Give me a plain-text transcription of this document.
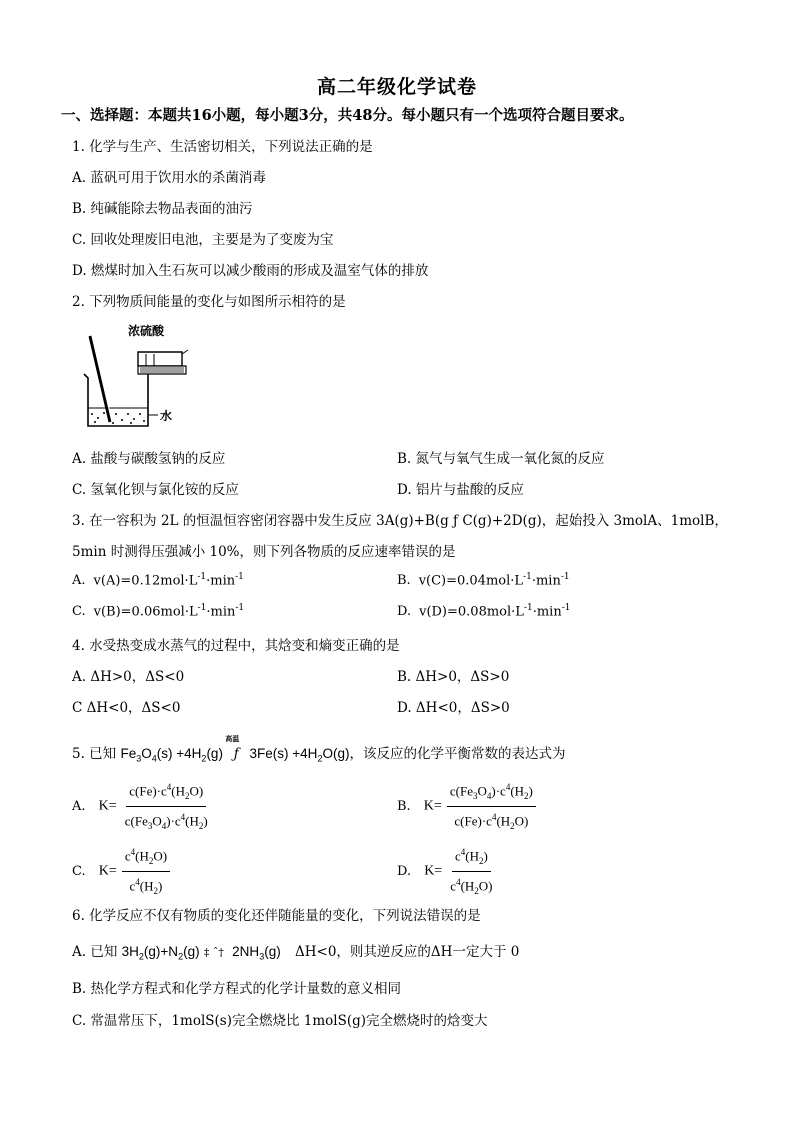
高二年级化学试卷
一、选择题：本题共16小题，每小题3分，共48分。每小题只有一个选项符合题目要求。
1. 化学与生产、生活密切相关，下列说法正确的是
A. 蓝矾可用于饮用水的杀菌消毒
B. 纯碱能除去物品表面的油污
C. 回收处理废旧电池，主要是为了变废为宝
D. 燃煤时加入生石灰可以减少酸雨的形成及温室气体的排放
2. 下列物质间能量的变化与如图所示相符的是
浓硫酸
水
A. 盐酸与碳酸氢钠的反应	B. 氮气与氧气生成一氧化氮的反应
C. 氢氧化钡与氯化铵的反应	D. 铝片与盐酸的反应
3. 在一容积为 2L 的恒温恒容密闭容器中发生反应 3A(g)+B(g ƒ C(g)+2D(g)，起始投入 3molA、1molB，
5min 时测得压强减小 10%，则下列各物质的反应速率错误的是
A. $v(A)=0.12mol\cdot L^{-1}\cdot\min^{-1}$	B. $v(C)=0.04mol\cdot L^{-1}\cdot\min^{-1}$
C. $v(B)=0.06mol\cdot L^{-1}\cdot\min^{-1}$	D. $v(D)=0.08mol\cdot L^{-1}\cdot\min^{-1}$
4. 水受热变成水蒸气的过程中，其焓变和熵变正确的是
A. ΔH>0，ΔS<0	B. ΔH>0，ΔS>0
C ΔH<0，ΔS<0	D. ΔH<0，ΔS>0
5. 已知 $Fe_3O_4(s) +4H_2(g)$
高温
ƒ $3Fe(s) +4H_2O(g)$，该反应的化学平衡常数的表达式为
A. $K= \frac{c(Fe)\cdot c^4(H_2O)}{c(Fe_3O_4)\cdot c^4(H_2)}$	B. $K= \frac{c(Fe_3O_4)\cdot c^4(H_2)}{c(Fe)\cdot c^4(H_2O)}$
C. $K= \frac{c^4(H_2O)}{c^4(H_2)}$	D. $K= \frac{c^4(H_2)}{c^4(H_2O)}$
6. 化学反应不仅有物质的变化还伴随能量的变化，下列说法错误的是
A. 已知 $3H_2(g)+N_2(g)$ ‡ ˆ† $2NH_3(g)$ ΔH<0，则其逆反应的ΔH一定大于 0
B. 热化学方程式和化学方程式的化学计量数的意义相同
C. 常温常压下，1molS(s)完全燃烧比 1molS(g)完全燃烧时的焓变大
